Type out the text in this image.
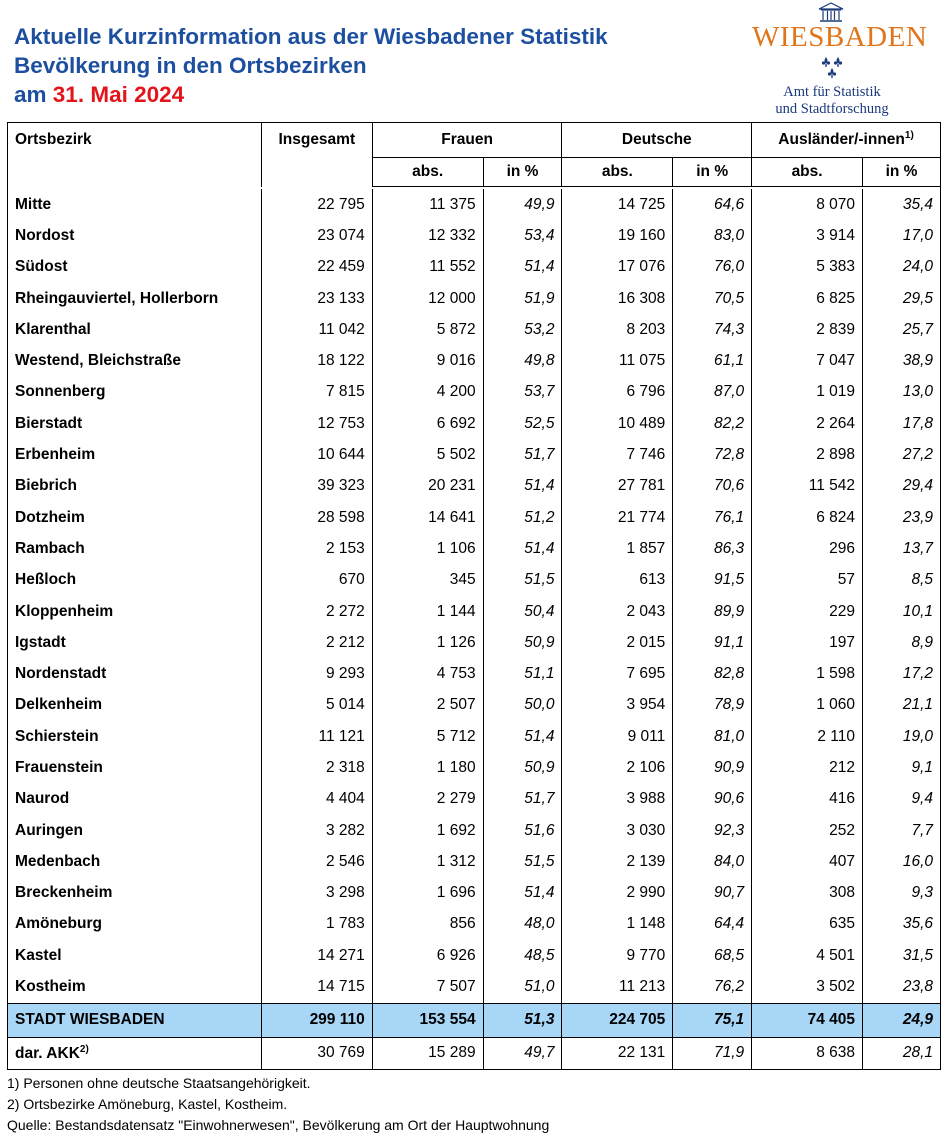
Aktuelle Kurzinformation aus der Wiesbadener Statistik
Bevölkerung in den Ortsbezirken
am 31. Mai 2024
WIESBADEN
Amt für Statistik
und Stadtforschung
Ortsbezirk	Insgesamt	Frauen		Deutsche		Ausländer/-innen$^{1)}$
		abs.	in %	abs.	in %	abs.	in %

Mitte	22 795	11 375	49,9	14 725	64,6	8 070	35,4
Nordost	23 074	12 332	53,4	19 160	83,0	3 914	17,0
Südost	22 459	11 552	51,4	17 076	76,0	5 383	24,0
Rheingauviertel, Hollerborn	23 133	12 000	51,9	16 308	70,5	6 825	29,5
Klarenthal	11 042	5 872	53,2	8 203	74,3	2 839	25,7
Westend, Bleichstraße	18 122	9 016	49,8	11 075	61,1	7 047	38,9
Sonnenberg	7 815	4 200	53,7	6 796	87,0	1 019	13,0
Bierstadt	12 753	6 692	52,5	10 489	82,2	2 264	17,8
Erbenheim	10 644	5 502	51,7	7 746	72,8	2 898	27,2
Biebrich	39 323	20 231	51,4	27 781	70,6	11 542	29,4
Dotzheim	28 598	14 641	51,2	21 774	76,1	6 824	23,9
Rambach	2 153	1 106	51,4	1 857	86,3	296	13,7
Heßloch	670	345	51,5	613	91,5	57	8,5
Kloppenheim	2 272	1 144	50,4	2 043	89,9	229	10,1
Igstadt	2 212	1 126	50,9	2 015	91,1	197	8,9
Nordenstadt	9 293	4 753	51,1	7 695	82,8	1 598	17,2
Delkenheim	5 014	2 507	50,0	3 954	78,9	1 060	21,1
Schierstein	11 121	5 712	51,4	9 011	81,0	2 110	19,0
Frauenstein	2 318	1 180	50,9	2 106	90,9	212	9,1
Naurod	4 404	2 279	51,7	3 988	90,6	416	9,4
Auringen	3 282	1 692	51,6	3 030	92,3	252	7,7
Medenbach	2 546	1 312	51,5	2 139	84,0	407	16,0
Breckenheim	3 298	1 696	51,4	2 990	90,7	308	9,3
Amöneburg	1 783	856	48,0	1 148	64,4	635	35,6
Kastel	14 271	6 926	48,5	9 770	68,5	4 501	31,5
Kostheim	14 715	7 507	51,0	11 213	76,2	3 502	23,8
STADT WIESBADEN	299 110	153 554	51,3	224 705	75,1	74 405	24,9
dar. AKK$^{2)}$	30 769	15 289	49,7	22 131	71,9	8 638	28,1
1) Personen ohne deutsche Staatsangehörigkeit.
2) Ortsbezirke Amöneburg, Kastel, Kostheim.
Quelle: Bestandsdatensatz "Einwohnerwesen", Bevölkerung am Ort der Hauptwohnung
